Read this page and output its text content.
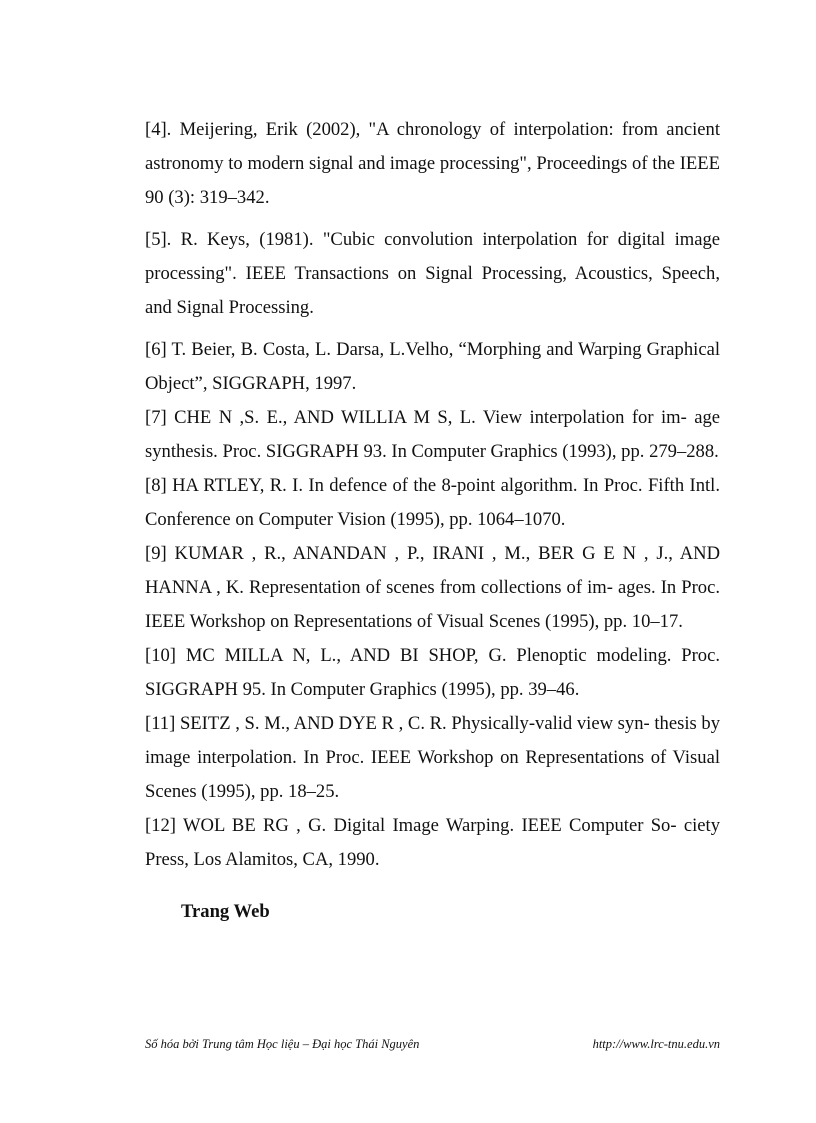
[4]. Meijering, Erik (2002), "A chronology of interpolation: from ancient astronomy to modern signal and image processing", Proceedings of the IEEE 90 (3): 319–342.
[5]. R. Keys, (1981). "Cubic convolution interpolation for digital image processing". IEEE Transactions on Signal Processing, Acoustics, Speech, and Signal Processing.
[6] T. Beier, B. Costa, L. Darsa, L.Velho, “Morphing and Warping Graphical Object”, SIGGRAPH, 1997.
[7] CHE N ,S. E., AND WILLIA M S, L. View interpolation for im- age synthesis. Proc. SIGGRAPH 93. In Computer Graphics (1993), pp. 279–288.
[8] HA RTLEY, R. I. In defence of the 8-point algorithm. In Proc. Fifth Intl. Conference on Computer Vision (1995), pp. 1064–1070.
[9] KUMAR , R., ANANDAN , P., IRANI , M., BER G E N , J., AND HANNA , K. Representation of scenes from collections of im- ages. In Proc. IEEE Workshop on Representations of Visual Scenes (1995), pp. 10–17.
[10] MC MILLA N, L., AND BI SHOP, G. Plenoptic modeling. Proc. SIGGRAPH 95. In Computer Graphics (1995), pp. 39–46.
[11] SEITZ , S. M., AND DYE R , C. R. Physically-valid view syn- thesis by image interpolation. In Proc. IEEE Workshop on Representations of Visual Scenes (1995), pp. 18–25.
[12] WOL BE RG , G. Digital Image Warping. IEEE Computer So- ciety Press, Los Alamitos, CA, 1990.
Trang Web
Số hóa bởi Trung tâm Học liệu – Đại học Thái Nguyên	http://www.lrc-tnu.edu.vn
